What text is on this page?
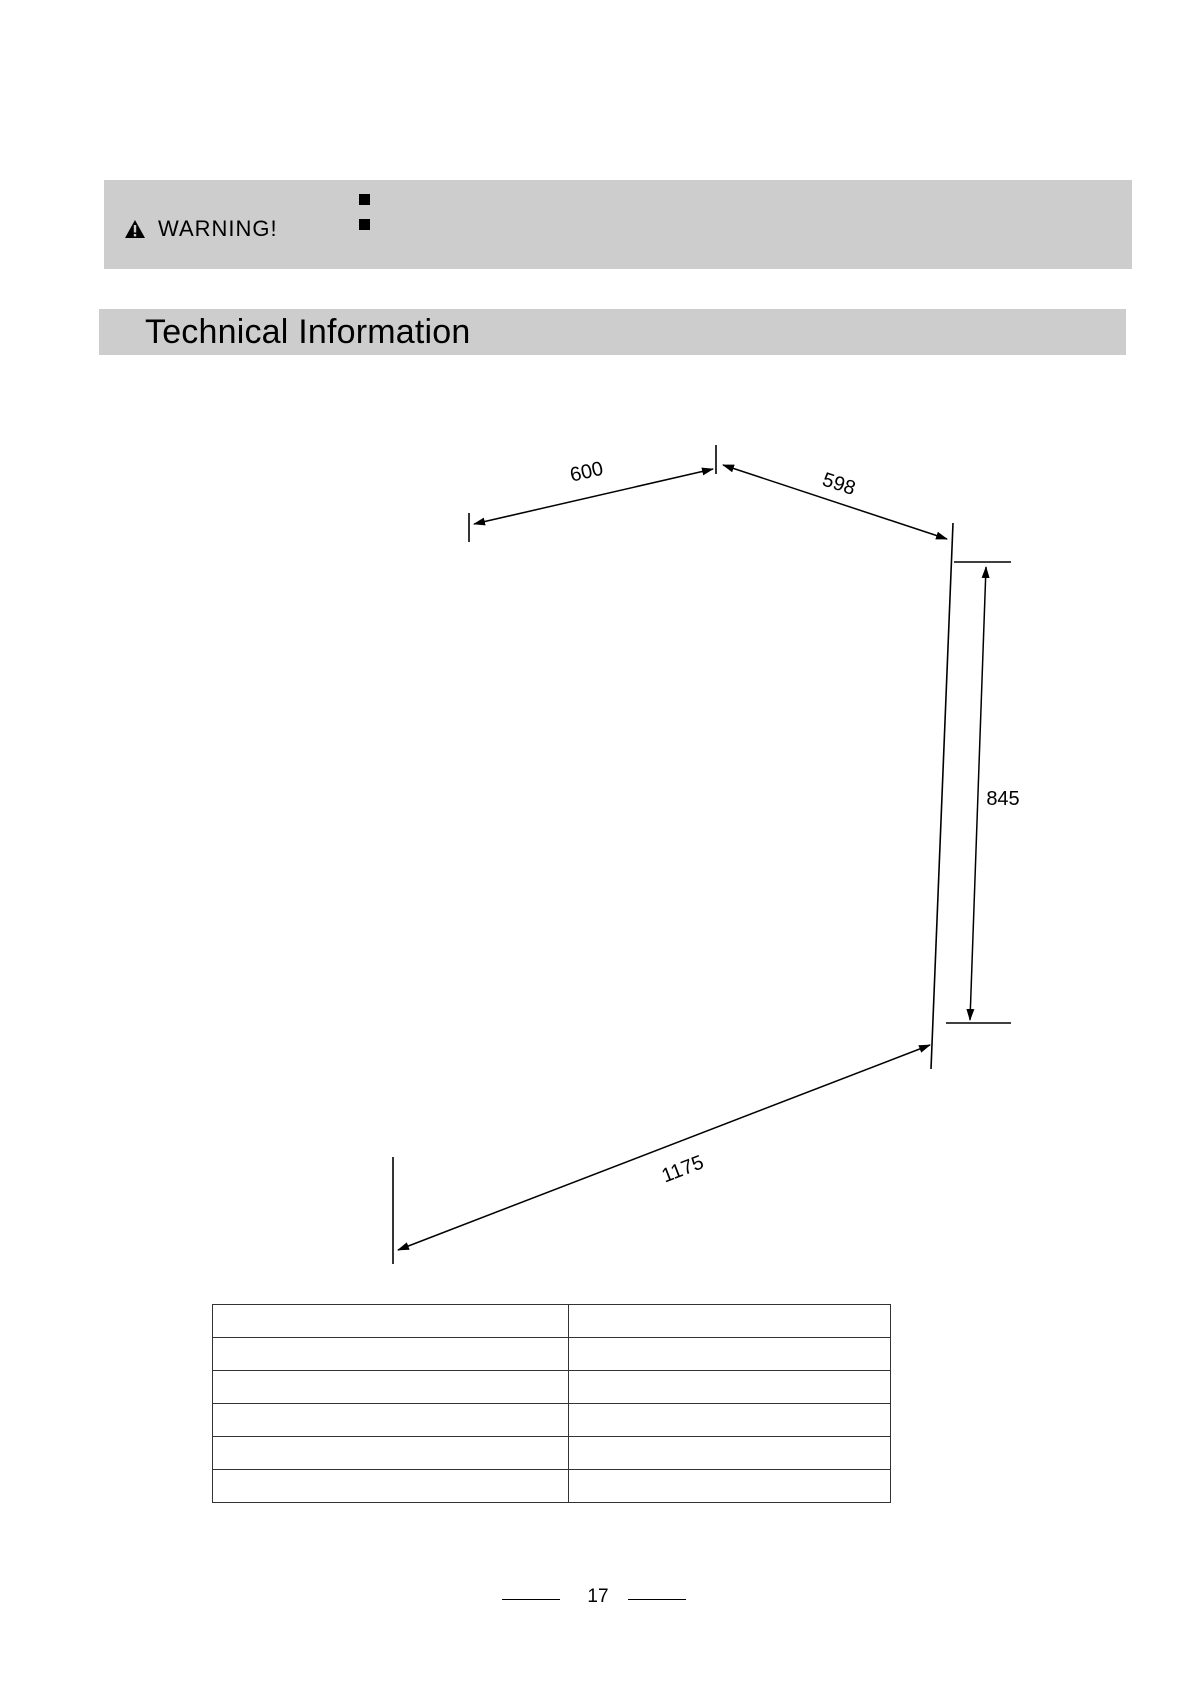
WARNING!
Technical Information
600	598
845
1175

17
